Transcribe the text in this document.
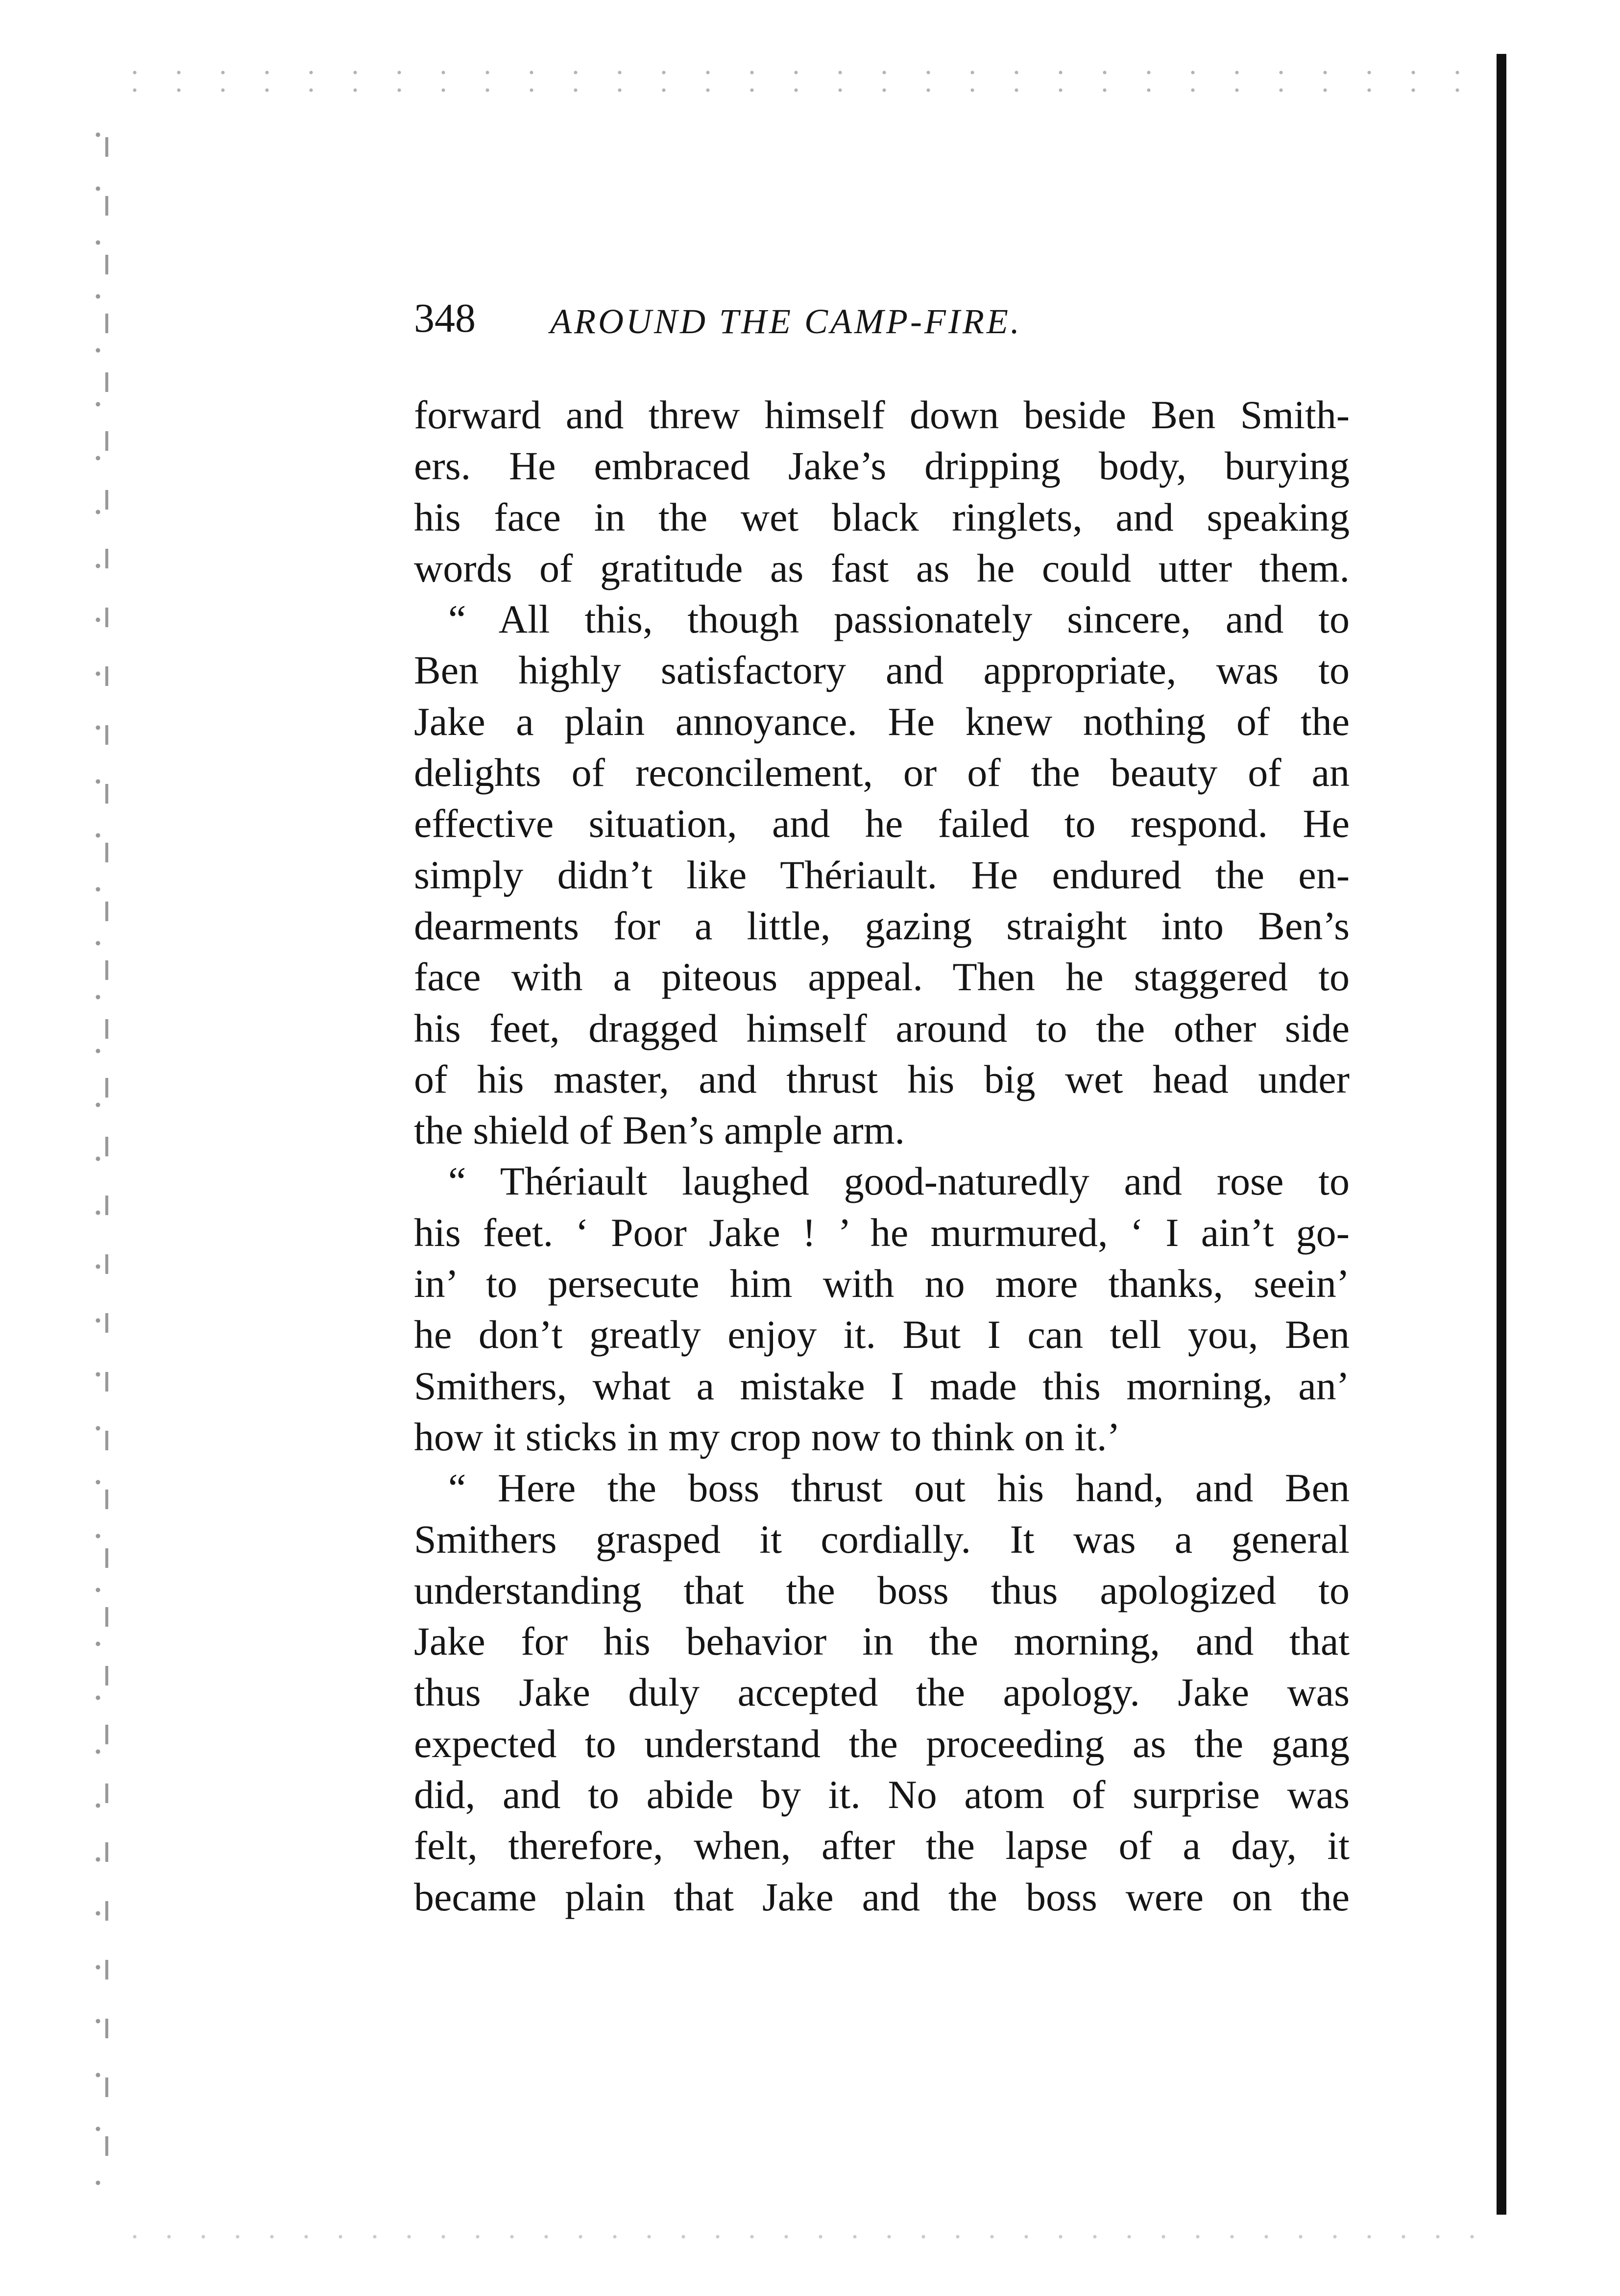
348 AROUND THE CAMP-FIRE.

forward and threw himself down beside Ben Smith-
ers. He embraced Jake’s dripping body, burying
his face in the wet black ringlets, and speaking
words of gratitude as fast as he could utter them.

“ All this, though passionately sincere, and to
Ben highly satisfactory and appropriate, was to
Jake a plain annoyance. He knew nothing of the
delights of reconcilement, or of the beauty of an
effective situation, and he failed to respond. He
simply didn’t like Thériault. He endured the en-
dearments for a little, gazing straight into Ben’s
face with a piteous appeal. Then he staggered to
his feet, dragged himself around to the other side
of his master, and thrust his big wet head under
the shield of Ben’s ample arm.

“ Thériault laughed good-naturedly and rose to
his feet. ‘ Poor Jake ! ’ he murmured, ‘ I ain’t go-
in’ to persecute him with no more thanks, seein’
he don’t greatly enjoy it. But I can tell you, Ben
Smithers, what a mistake I made this morning, an’
how it sticks in my crop now to think on it.’

“ Here the boss thrust out his hand, and Ben
Smithers grasped it cordially. It was a general
understanding that the boss thus apologized to
Jake for his behavior in the morning, and that
thus Jake duly accepted the apology. Jake was
expected to understand the proceeding as the gang
did, and to abide by it. No atom of surprise was
felt, therefore, when, after the lapse of a day, it
became plain that Jake and the boss were on the
